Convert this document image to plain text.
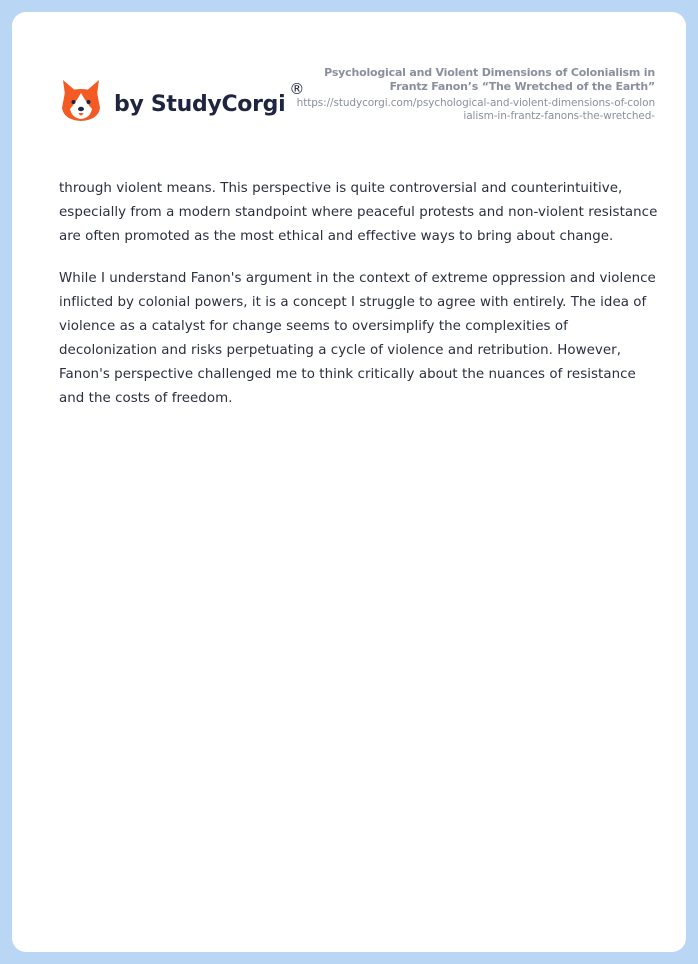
by StudyCorgi
®
Psychological and Violent Dimensions of Colonialism in Frantz Fanon’s “The Wretched of the Earth”
https://studycorgi.com/psychological-and-violent-dimensions-of-colonialism-in-frantz-fanons-the-wretched-

through violent means. This perspective is quite controversial and counterintuitive, especially from a modern standpoint where peaceful protests and non-violent resistance are often promoted as the most ethical and effective ways to bring about change.

While I understand Fanon's argument in the context of extreme oppression and violence inflicted by colonial powers, it is a concept I struggle to agree with entirely. The idea of violence as a catalyst for change seems to oversimplify the complexities of decolonization and risks perpetuating a cycle of violence and retribution. However, Fanon's perspective challenged me to think critically about the nuances of resistance and the costs of freedom.
